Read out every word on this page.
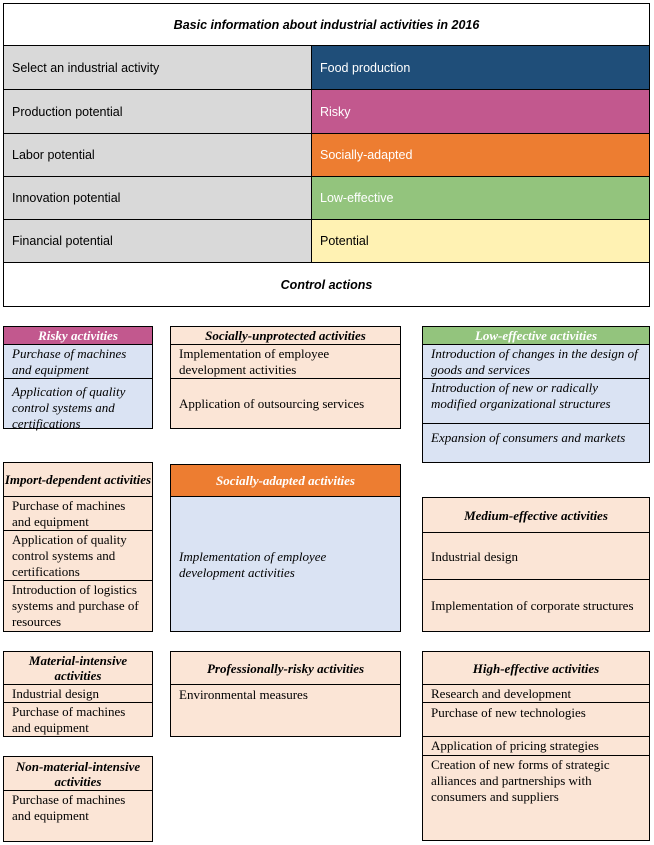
Basic information about industrial activities in 2016
Select an industrial activity	Food production
Production potential	Risky
Labor potential	Socially-adapted
Innovation potential	Low-effective
Financial potential	Potential
Control actions
Risky activities
Purchase of machines and equipment
Application of quality control systems and certifications
Import-dependent activities
Purchase of machines and equipment
Application of quality control systems and certifications
Introduction of logistics systems and purchase of resources
Material-intensive activities
Industrial design
Purchase of machines and equipment
Non-material-intensive activities
Purchase of machines and equipment
Socially-unprotected activities
Implementation of employee development activities
Application of outsourcing services
Socially-adapted activities
Implementation of employee development activities
Professionally-risky activities
Environmental measures
Low-effective activities
Introduction of changes in the design of goods and services
Introduction of new or radically modified organizational structures
Expansion of consumers and markets
Medium-effective activities
Industrial design
Implementation of corporate structures
High-effective activities
Research and development
Purchase of new technologies
Application of pricing strategies
Creation of new forms of strategic alliances and partnerships with consumers and suppliers
